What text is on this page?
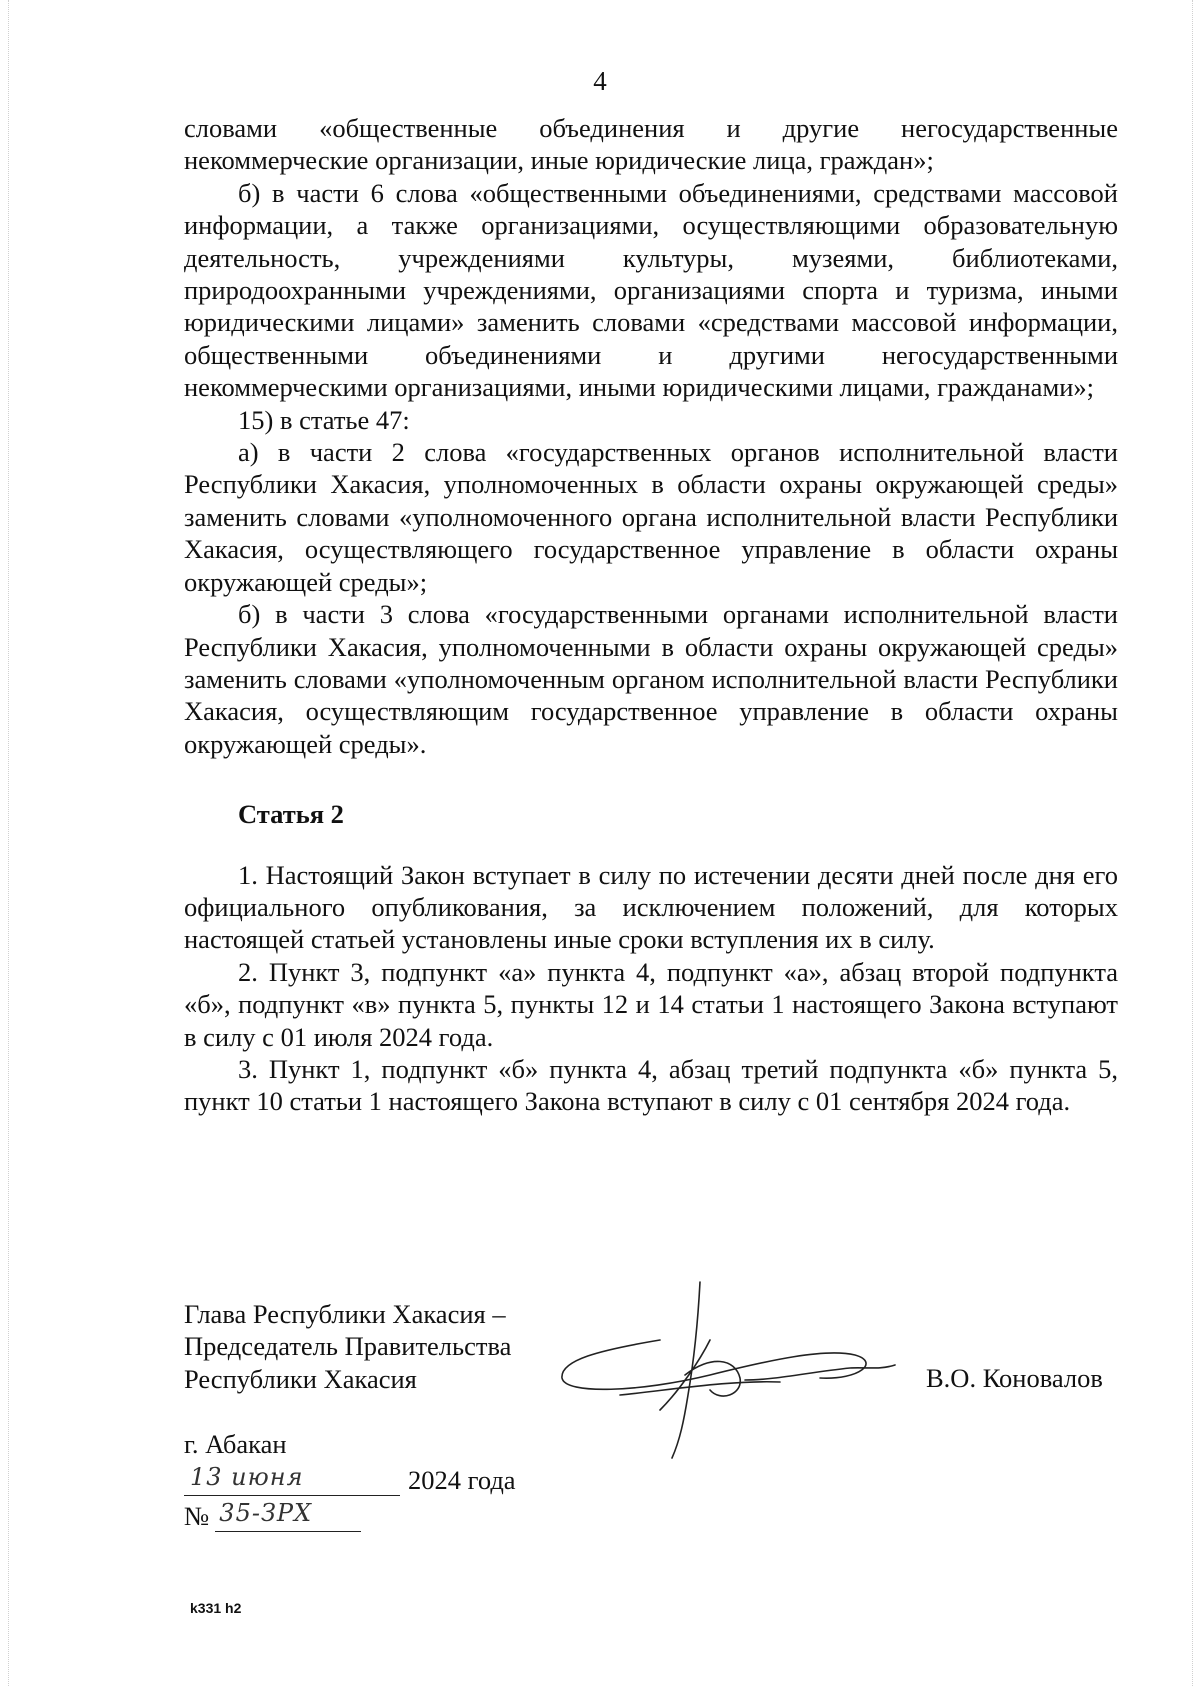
4

словами «общественные объединения и другие негосударственные некоммерческие организации, иные юридические лица, граждан»;

б) в части 6 слова «общественными объединениями, средствами массовой информации, а также организациями, осуществляющими образовательную деятельность, учреждениями культуры, музеями, библиотеками, природоохранными учреждениями, организациями спорта и туризма, иными юридическими лицами» заменить словами «средствами массовой информации, общественными объединениями и другими негосударственными некоммерческими организациями, иными юридическими лицами, гражданами»;

15) в статье 47:

а) в части 2 слова «государственных органов исполнительной власти Республики Хакасия, уполномоченных в области охраны окружающей среды» заменить словами «уполномоченного органа исполнительной власти Республики Хакасия, осуществляющего государственное управление в области охраны окружающей среды»;

б) в части 3 слова «государственными органами исполнительной власти Республики Хакасия, уполномоченными в области охраны окружающей среды» заменить словами «уполномоченным органом исполнительной власти Республики Хакасия, осуществляющим государственное управление в области охраны окружающей среды».

Статья 2

1. Настоящий Закон вступает в силу по истечении десяти дней после дня его официального опубликования, за исключением положений, для которых настоящей статьей установлены иные сроки вступления их в силу.

2. Пункт 3, подпункт «а» пункта 4, подпункт «а», абзац второй подпункта «б», подпункт «в» пункта 5, пункты 12 и 14 статьи 1 настоящего Закона вступают в силу с 01 июля 2024 года.

3. Пункт 1, подпункт «б» пункта 4, абзац третий подпункта «б» пункта 5, пункт 10 статьи 1 настоящего Закона вступают в силу с 01 сентября 2024 года.

Глава Республики Хакасия –
Председатель Правительства
Республики Хакасия	В.О. Коновалов
г. Абакан
13 июня	2024 года
№ 35-ЗРХ
k331 h2
